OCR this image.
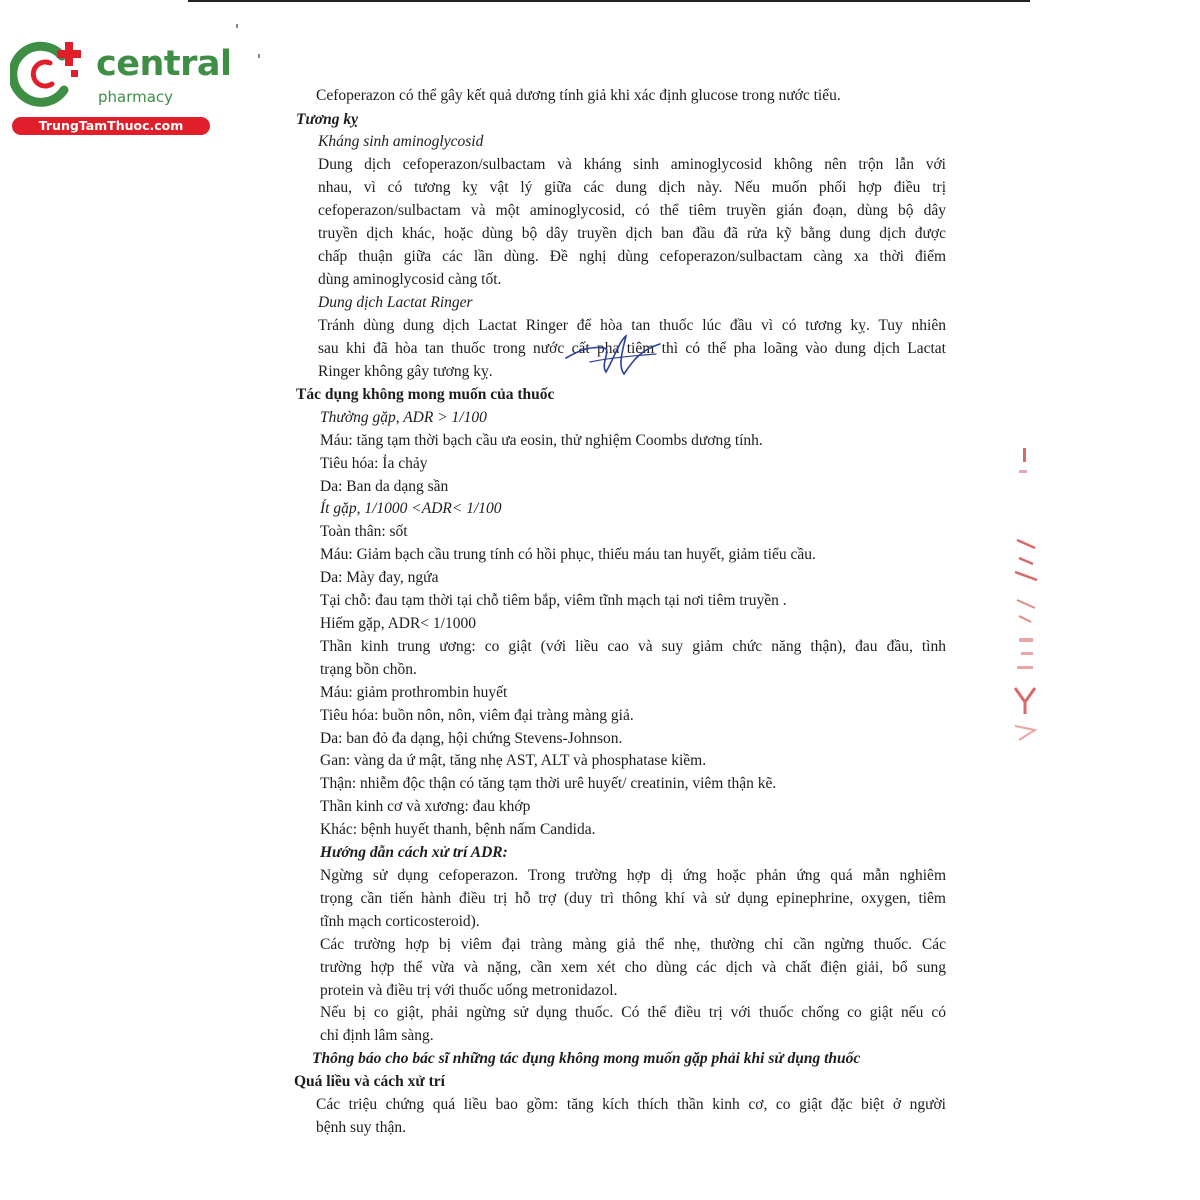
central
pharmacy
TrungTamThuoc.com

Cefoperazon có thể gây kết quả dương tính giả khi xác định glucose trong nước tiểu.

Tương kỵ

Kháng sinh aminoglycosid

Dung dịch cefoperazon/sulbactam và kháng sinh aminoglycosid không nên trộn lẫn với

nhau, vì có tương kỵ vật lý giữa các dung dịch này. Nếu muốn phối hợp điều trị

cefoperazon/sulbactam và một aminoglycosid, có thể tiêm truyền gián đoạn, dùng bộ dây

truyền dịch khác, hoặc dùng bộ dây truyền dịch ban đầu đã rửa kỹ bằng dung dịch được

chấp thuận giữa các lần dùng. Đề nghị dùng cefoperazon/sulbactam càng xa thời điểm

dùng aminoglycosid càng tốt.

Dung dịch Lactat Ringer

Tránh dùng dung dịch Lactat Ringer để hòa tan thuốc lúc đầu vì có tương kỵ. Tuy nhiên

sau khi đã hòa tan thuốc trong nước cất pha tiêm thì có thể pha loãng vào dung dịch Lactat

Ringer không gây tương kỵ.

Tác dụng không mong muốn của thuốc

Thường gặp, ADR > 1/100

Máu: tăng tạm thời bạch cầu ưa eosin, thử nghiệm Coombs dương tính.

Tiêu hóa: Ỉa chảy

Da: Ban da dạng sần

Ít gặp, 1/1000 <ADR< 1/100

Toàn thân: sốt

Máu: Giảm bạch cầu trung tính có hồi phục, thiếu máu tan huyết, giảm tiểu cầu.

Da: Mày đay, ngứa

Tại chỗ: đau tạm thời tại chỗ tiêm bắp, viêm tĩnh mạch tại nơi tiêm truyền .

Hiếm gặp, ADR< 1/1000

Thần kinh trung ương: co giật (với liều cao và suy giảm chức năng thận), đau đầu, tình

trạng bồn chồn.

Máu: giảm prothrombin huyết

Tiêu hóa: buồn nôn, nôn, viêm đại tràng màng giả.

Da: ban đỏ đa dạng, hội chứng Stevens-Johnson.

Gan: vàng da ứ mật, tăng nhẹ AST, ALT và phosphatase kiềm.

Thận: nhiễm độc thận có tăng tạm thời urê huyết/ creatinin, viêm thận kẽ.

Thần kinh cơ và xương: đau khớp

Khác: bệnh huyết thanh, bệnh nấm Candida.

Hướng dẫn cách xử trí ADR:

Ngừng sử dụng cefoperazon. Trong trường hợp dị ứng hoặc phản ứng quá mẫn nghiêm

trọng cần tiến hành điều trị hỗ trợ (duy trì thông khí và sử dụng epinephrine, oxygen, tiêm

tĩnh mạch corticosteroid).

Các trường hợp bị viêm đại tràng màng giả thể nhẹ, thường chỉ cần ngừng thuốc. Các

trường hợp thể vừa và nặng, cần xem xét cho dùng các dịch và chất điện giải, bổ sung

protein và điều trị với thuốc uống metronidazol.

Nếu bị co giật, phải ngừng sử dụng thuốc. Có thể điều trị với thuốc chống co giật nếu có

chỉ định lâm sàng.

Thông báo cho bác sĩ những tác dụng không mong muốn gặp phải khi sử dụng thuốc

Quá liều và cách xử trí

Các triệu chứng quá liều bao gồm: tăng kích thích thần kinh cơ, co giật đặc biệt ở người

bệnh suy thận.
